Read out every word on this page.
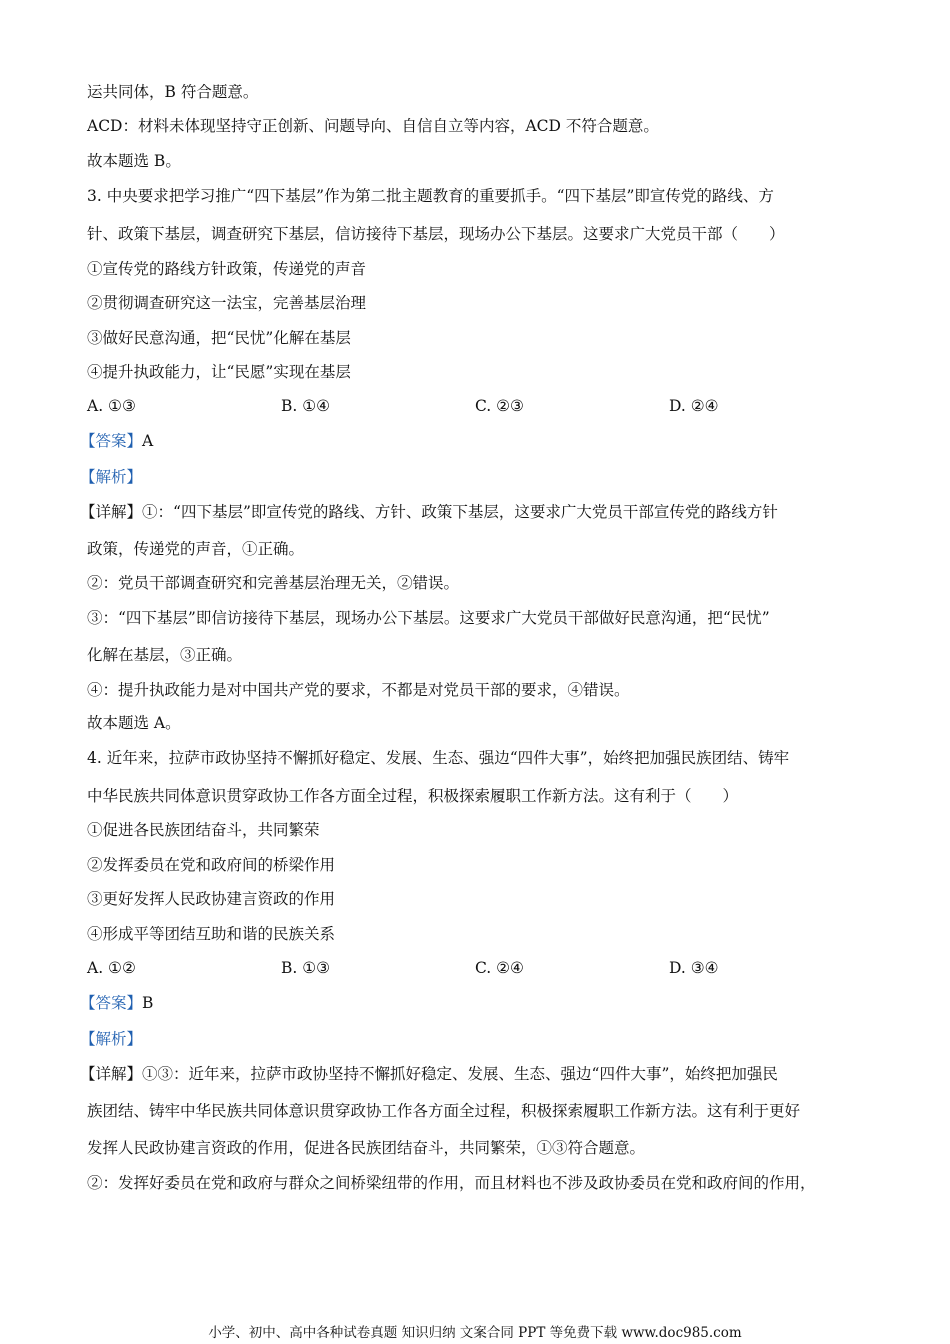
运共同体，B 符合题意。
ACD：材料未体现坚持守正创新、问题导向、自信自立等内容，ACD 不符合题意。
故本题选 B。
3. 中央要求把学习推广“四下基层”作为第二批主题教育的重要抓手。“四下基层”即宣传党的路线、方
针、政策下基层，调查研究下基层，信访接待下基层，现场办公下基层。这要求广大党员干部（　　）
①宣传党的路线方针政策，传递党的声音
②贯彻调查研究这一法宝，完善基层治理
③做好民意沟通，把“民忧”化解在基层
④提升执政能力，让“民愿”实现在基层
A. ①③	B. ①④	C. ②③	D. ②④
【答案】A
【解析】
【详解】①：“四下基层”即宣传党的路线、方针、政策下基层，这要求广大党员干部宣传党的路线方针
政策，传递党的声音，①正确。
②：党员干部调查研究和完善基层治理无关，②错误。
③：“四下基层”即信访接待下基层，现场办公下基层。这要求广大党员干部做好民意沟通，把“民忧”
化解在基层，③正确。
④：提升执政能力是对中国共产党的要求，不都是对党员干部的要求，④错误。
故本题选 A。
4. 近年来，拉萨市政协坚持不懈抓好稳定、发展、生态、强边“四件大事”，始终把加强民族团结、铸牢
中华民族共同体意识贯穿政协工作各方面全过程，积极探索履职工作新方法。这有利于（　　）
①促进各民族团结奋斗，共同繁荣
②发挥委员在党和政府间的桥梁作用
③更好发挥人民政协建言资政的作用
④形成平等团结互助和谐的民族关系
A. ①②	B. ①③	C. ②④	D. ③④
【答案】B
【解析】
【详解】①③：近年来，拉萨市政协坚持不懈抓好稳定、发展、生态、强边“四件大事”，始终把加强民
族团结、铸牢中华民族共同体意识贯穿政协工作各方面全过程，积极探索履职工作新方法。这有利于更好
发挥人民政协建言资政的作用，促进各民族团结奋斗，共同繁荣，①③符合题意。
②：发挥好委员在党和政府与群众之间桥梁纽带的作用，而且材料也不涉及政协委员在党和政府间的作用，
小学、初中、高中各种试卷真题 知识归纳 文案合同 PPT 等免费下载 www.doc985.com
